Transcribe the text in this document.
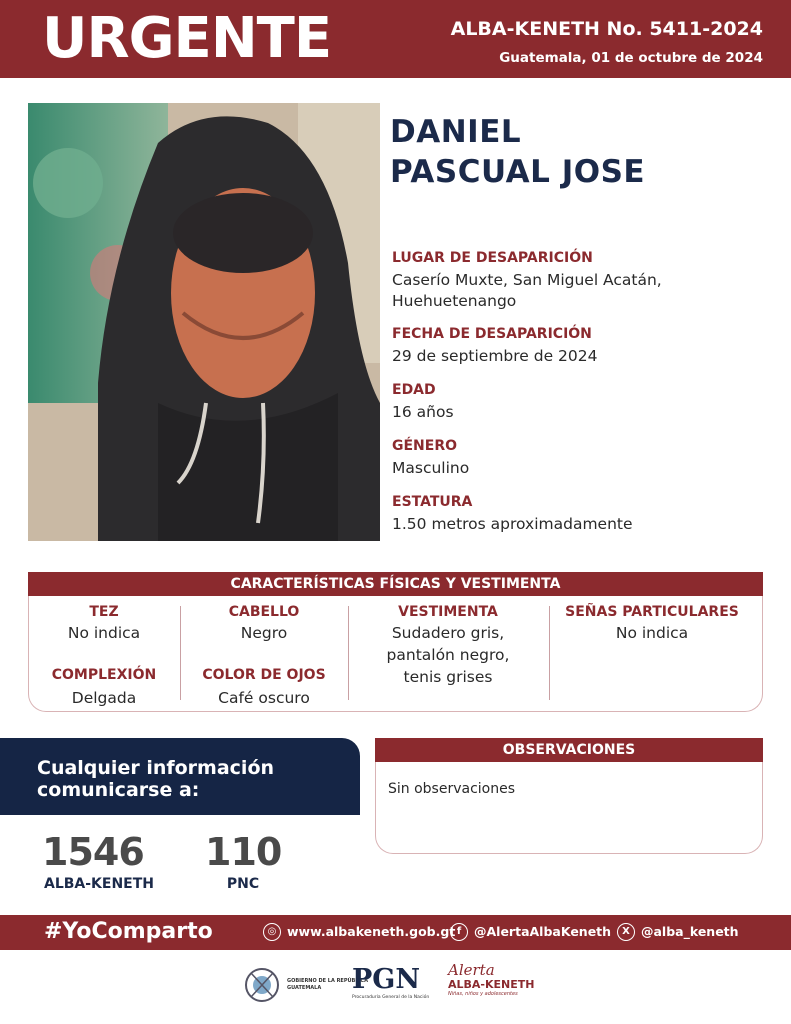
URGENTE	ALBA-KENETH No. 5411-2024
Guatemala, 01 de octubre de 2024
DANIEL
PASCUAL JOSE
LUGAR DE DESAPARICIÓN
Caserío Muxte, San Miguel Acatán,
Huehuetenango
FECHA DE DESAPARICIÓN
29 de septiembre de 2024
EDAD
16 años
GÉNERO
Masculino
ESTATURA
1.50 metros aproximadamente
CARACTERÍSTICAS FÍSICAS Y VESTIMENTA
TEZ
No indica
COMPLEXIÓN
Delgada
CABELLO
Negro
COLOR DE OJOS
Café oscuro
VESTIMENTA
Sudadero gris,
pantalón negro,
tenis grises
SEÑAS PARTICULARES
No indica
Cualquier información
comunicarse a:
1546
ALBA-KENETH
110
PNC
OBSERVACIONES
Sin observaciones
#YoComparto	◎ www.albakeneth.gob.gt f	@AlertaAlbaKeneth	X @alba_keneth
GOBIERNO DE LA REPÚBLICA
GUATEMALA	PGN
Procuraduría General de la Nación
Alerta
ALBA-KENETH
Niñas, niños y adolescentes
